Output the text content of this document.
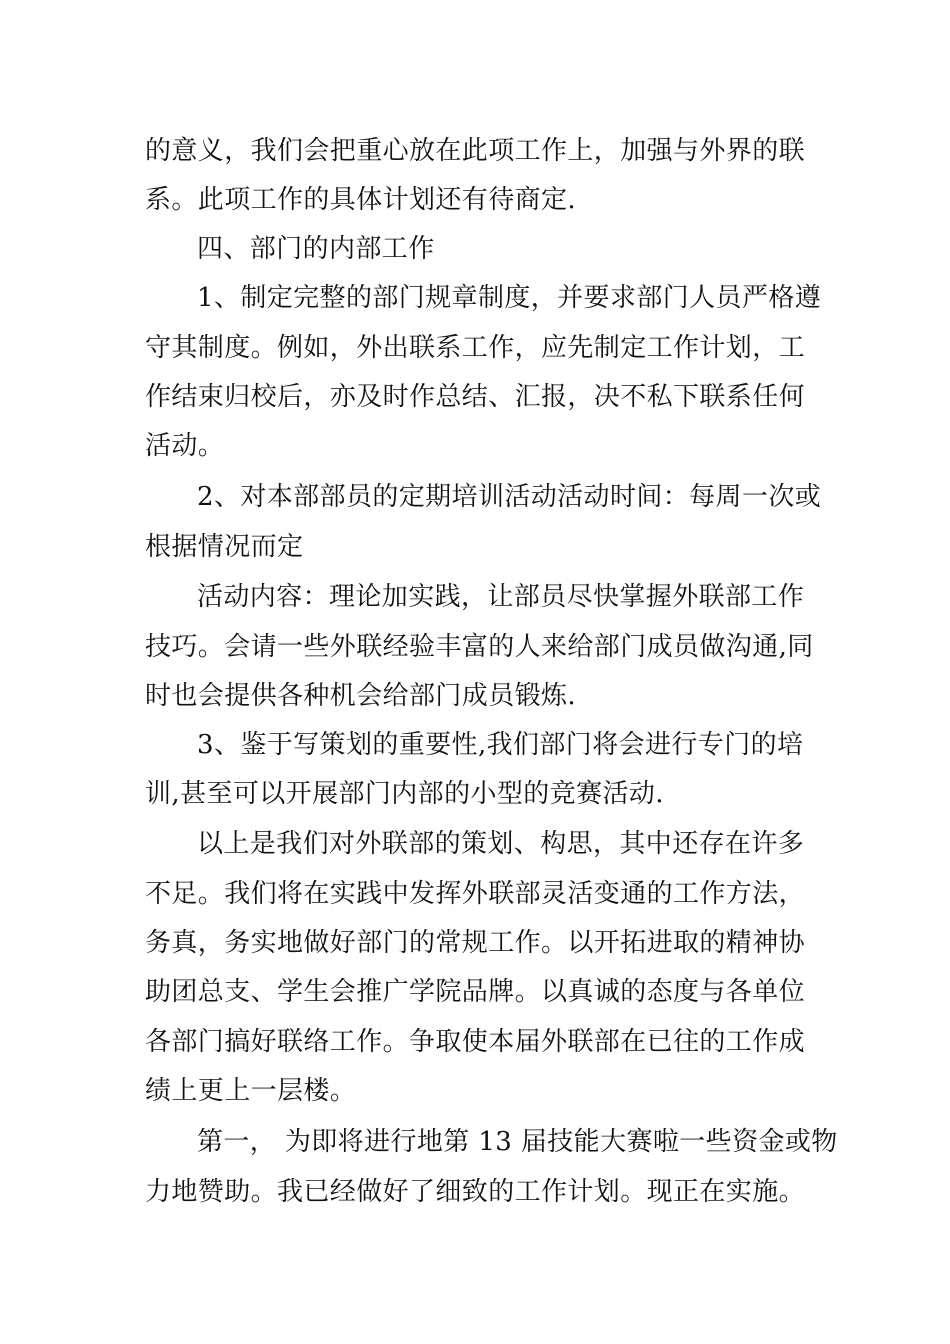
的意义，我们会把重心放在此项工作上，加强与外界的联
系。此项工作的具体计划还有待商定.
四、部门的内部工作
1、制定完整的部门规章制度，并要求部门人员严格遵
守其制度。例如，外出联系工作，应先制定工作计划，工
作结束归校后，亦及时作总结、汇报，决不私下联系任何
活动。
2、对本部部员的定期培训活动活动时间：每周一次或
根据情况而定
活动内容：理论加实践，让部员尽快掌握外联部工作
技巧。会请一些外联经验丰富的人来给部门成员做沟通,同
时也会提供各种机会给部门成员锻炼.
3、鉴于写策划的重要性,我们部门将会进行专门的培
训,甚至可以开展部门内部的小型的竞赛活动.
以上是我们对外联部的策划、构思，其中还存在许多
不足。我们将在实践中发挥外联部灵活变通的工作方法，
务真，务实地做好部门的常规工作。以开拓进取的精神协
助团总支、学生会推广学院品牌。以真诚的态度与各单位
各部门搞好联络工作。争取使本届外联部在已往的工作成
绩上更上一层楼。
第一， 为即将进行地第 13 届技能大赛啦一些资金或物
力地赞助。我已经做好了细致的工作计划。现正在实施。
